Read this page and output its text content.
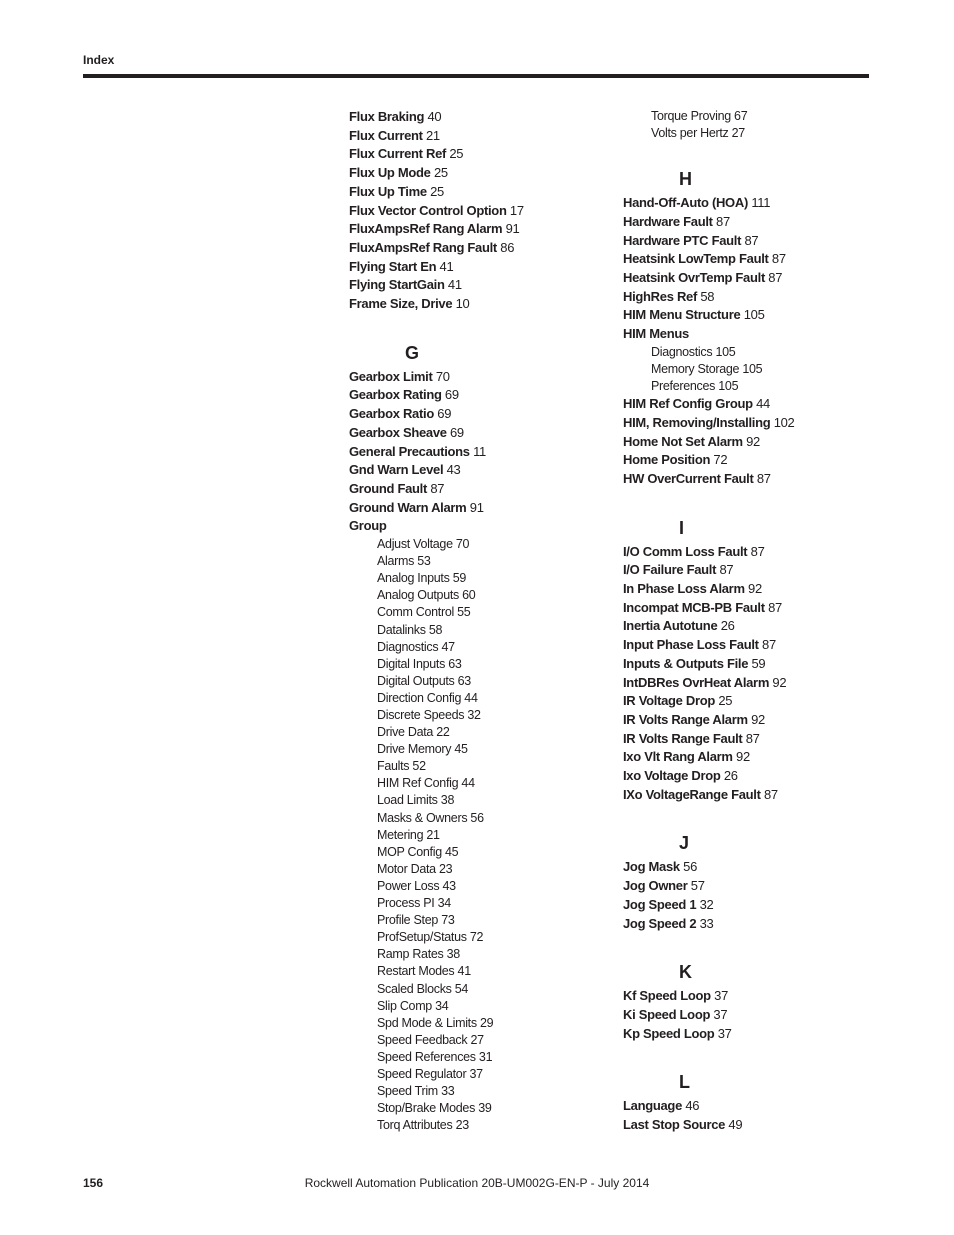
Index
Flux Braking 40
Flux Current 21
Flux Current Ref 25
Flux Up Mode 25
Flux Up Time 25
Flux Vector Control Option 17
FluxAmpsRef Rang Alarm 91
FluxAmpsRef Rang Fault 86
Flying Start En 41
Flying StartGain 41
Frame Size, Drive 10
G
Gearbox Limit 70
Gearbox Rating 69
Gearbox Ratio 69
Gearbox Sheave 69
General Precautions 11
Gnd Warn Level 43
Ground Fault 87
Ground Warn Alarm 91
Group
Adjust Voltage 70
Alarms 53
Analog Inputs 59
Analog Outputs 60
Comm Control 55
Datalinks 58
Diagnostics 47
Digital Inputs 63
Digital Outputs 63
Direction Config 44
Discrete Speeds 32
Drive Data 22
Drive Memory 45
Faults 52
HIM Ref Config 44
Load Limits 38
Masks & Owners 56
Metering 21
MOP Config 45
Motor Data 23
Power Loss 43
Process PI 34
Profile Step 73
ProfSetup/Status 72
Ramp Rates 38
Restart Modes 41
Scaled Blocks 54
Slip Comp 34
Spd Mode & Limits 29
Speed Feedback 27
Speed References 31
Speed Regulator 37
Speed Trim 33
Stop/Brake Modes 39
Torq Attributes 23
Torque Proving 67
Volts per Hertz 27
H
Hand-Off-Auto (HOA) 111
Hardware Fault 87
Hardware PTC Fault 87
Heatsink LowTemp Fault 87
Heatsink OvrTemp Fault 87
HighRes Ref 58
HIM Menu Structure 105
HIM Menus
Diagnostics 105
Memory Storage 105
Preferences 105
HIM Ref Config Group 44
HIM, Removing/Installing 102
Home Not Set Alarm 92
Home Position 72
HW OverCurrent Fault 87
I
I/O Comm Loss Fault 87
I/O Failure Fault 87
In Phase Loss Alarm 92
Incompat MCB-PB Fault 87
Inertia Autotune 26
Input Phase Loss Fault 87
Inputs & Outputs File 59
IntDBRes OvrHeat Alarm 92
IR Voltage Drop 25
IR Volts Range Alarm 92
IR Volts Range Fault 87
Ixo Vlt Rang Alarm 92
Ixo Voltage Drop 26
IXo VoltageRange Fault 87
J
Jog Mask 56
Jog Owner 57
Jog Speed 1 32
Jog Speed 2 33
K
Kf Speed Loop 37
Ki Speed Loop 37
Kp Speed Loop 37
L
Language 46
Last Stop Source 49
156	Rockwell Automation Publication 20B-UM002G-EN-P - July 2014
